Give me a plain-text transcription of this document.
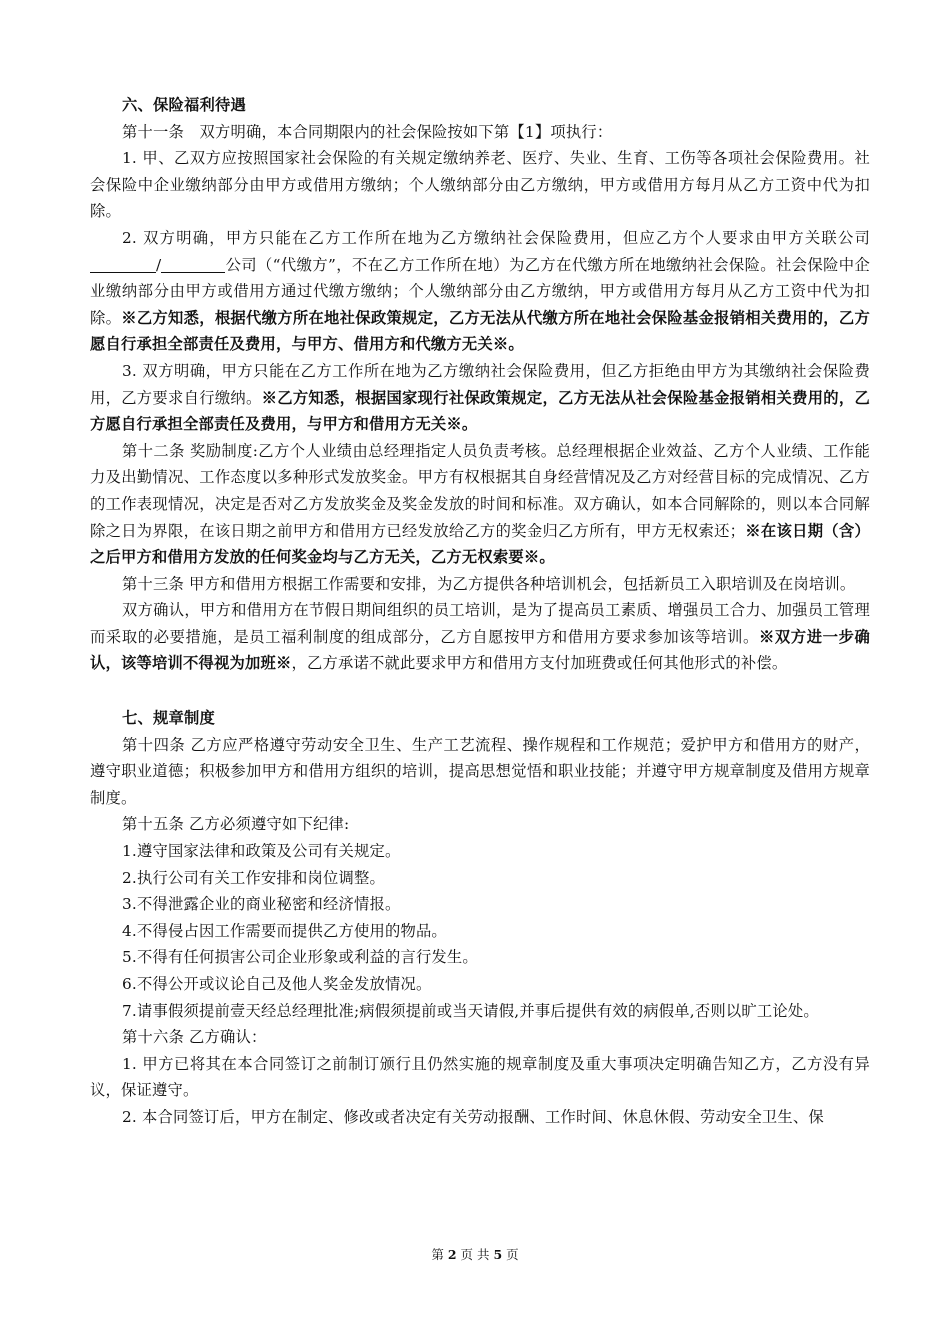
六、保险福利待遇

第十一条　双方明确，本合同期限内的社会保险按如下第【1】项执行：

1. 甲、乙双方应按照国家社会保险的有关规定缴纳养老、医疗、失业、生育、工伤等各项社会保险费用。社会保险中企业缴纳部分由甲方或借用方缴纳；个人缴纳部分由乙方缴纳，甲方或借用方每月从乙方工资中代为扣除。

2. 双方明确，甲方只能在乙方工作所在地为乙方缴纳社会保险费用，但应乙方个人要求由甲方关联公司/	公司（“代缴方”，不在乙方工作所在地）为乙方在代缴方所在地缴纳社会保险。社会保险中企业缴纳部分由甲方或借用方通过代缴方缴纳；个人缴纳部分由乙方缴纳，甲方或借用方每月从乙方工资中代为扣除。※乙方知悉，根据代缴方所在地社保政策规定，乙方无法从代缴方所在地社会保险基金报销相关费用的，乙方愿自行承担全部责任及费用，与甲方、借用方和代缴方无关※。

3. 双方明确，甲方只能在乙方工作所在地为乙方缴纳社会保险费用，但乙方拒绝由甲方为其缴纳社会保险费用，乙方要求自行缴纳。※乙方知悉，根据国家现行社保政策规定，乙方无法从社会保险基金报销相关费用的，乙方愿自行承担全部责任及费用，与甲方和借用方无关※。

第十二条 奖励制度:乙方个人业绩由总经理指定人员负责考核。总经理根据企业效益、乙方个人业绩、工作能力及出勤情况、工作态度以多种形式发放奖金。甲方有权根据其自身经营情况及乙方对经营目标的完成情况、乙方的工作表现情况，决定是否对乙方发放奖金及奖金发放的时间和标准。双方确认，如本合同解除的，则以本合同解除之日为界限，在该日期之前甲方和借用方已经发放给乙方的奖金归乙方所有，甲方无权索还；※在该日期（含）之后甲方和借用方发放的任何奖金均与乙方无关，乙方无权索要※。

第十三条 甲方和借用方根据工作需要和安排，为乙方提供各种培训机会，包括新员工入职培训及在岗培训。

双方确认，甲方和借用方在节假日期间组织的员工培训，是为了提高员工素质、增强员工合力、加强员工管理而采取的必要措施，是员工福利制度的组成部分，乙方自愿按甲方和借用方要求参加该等培训。※双方进一步确认，该等培训不得视为加班※，乙方承诺不就此要求甲方和借用方支付加班费或任何其他形式的补偿。

七、规章制度

第十四条 乙方应严格遵守劳动安全卫生、生产工艺流程、操作规程和工作规范；爱护甲方和借用方的财产，遵守职业道德；积极参加甲方和借用方组织的培训，提高思想觉悟和职业技能；并遵守甲方规章制度及借用方规章制度。

第十五条 乙方必须遵守如下纪律:

1.遵守国家法律和政策及公司有关规定。

2.执行公司有关工作安排和岗位调整。

3.不得泄露企业的商业秘密和经济情报。

4.不得侵占因工作需要而提供乙方使用的物品。

5.不得有任何损害公司企业形象或利益的言行发生。

6.不得公开或议论自己及他人奖金发放情况。

7.请事假须提前壹天经总经理批准;病假须提前或当天请假,并事后提供有效的病假单,否则以旷工论处。

第十六条 乙方确认：

1. 甲方已将其在本合同签订之前制订颁行且仍然实施的规章制度及重大事项决定明确告知乙方，乙方没有异议，保证遵守。

2. 本合同签订后，甲方在制定、修改或者决定有关劳动报酬、工作时间、休息休假、劳动安全卫生、保

第 2 页 共 5 页
